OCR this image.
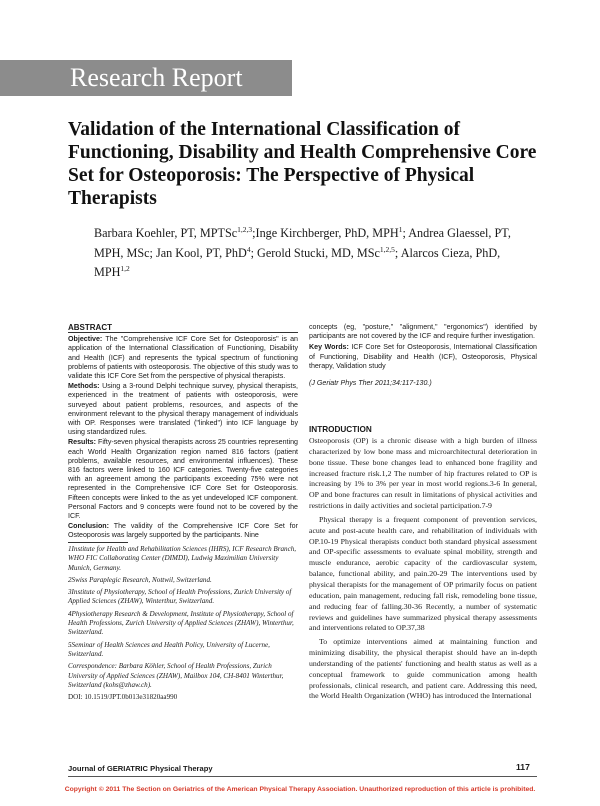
Research Report
Validation of the International Classification of Functioning, Disability and Health Comprehensive Core Set for Osteoporosis: The Perspective of Physical Therapists
Barbara Koehler, PT, MPTSc$^{1,2,3}$;Inge Kirchberger, PhD, MPH$^1$; Andrea Glaessel, PT, MPH, MSc; Jan Kool, PT, PhD$^4$; Gerold Stucki, MD, MSc$^{1,2,5}$; Alarcos Cieza, PhD, MPH$^{1,2}$
ABSTRACT

Objective: The "Comprehensive ICF Core Set for Osteoporosis" is an application of the International Classification of Functioning, Disability and Health (ICF) and represents the typical spectrum of functioning problems of patients with osteoporosis. The objective of this study was to validate this ICF Core Set from the perspective of physical therapists.

Methods: Using a 3-round Delphi technique survey, physical therapists, experienced in the treatment of patients with osteoporosis, were surveyed about patient problems, resources, and aspects of the environment relevant to the physical therapy management of individuals with OP. Responses were translated ("linked") into ICF language by using standardized rules.

Results: Fifty-seven physical therapists across 25 countries representing each World Health Organization region named 816 factors (patient problems, available resources, and environmental influences). These 816 factors were linked to 160 ICF categories. Twenty-five categories with an agreement among the participants exceeding 75% were not represented in the Comprehensive ICF Core Set for Osteoporosis. Fifteen concepts were linked to the as yet undeveloped ICF component. Personal Factors and 9 concepts were found not to be covered by the ICF.

Conclusion: The validity of the Comprehensive ICF Core Set for Osteoporosis was largely supported by the participants. Nine

concepts (eg, "posture," "alignment," "ergonomics") identified by participants are not covered by the ICF and require further investigation.

Key Words: ICF Core Set for Osteoporosis, International Classification of Functioning, Disability and Health (ICF), Osteoporosis, Physical therapy, Validation study

(J Geriatr Phys Ther 2011;34:117-130.)

INTRODUCTION

Osteoporosis (OP) is a chronic disease with a high burden of illness characterized by low bone mass and microarchitectural deterioration in bone tissue. These bone changes lead to enhanced bone fragility and increased fracture risk.1,2 The number of hip fractures related to OP is increasing by 1% to 3% per year in most world regions.3-6 In general, OP and bone fractures can result in limitations of physical activities and restrictions in daily activities and societal participation.7-9

Physical therapy is a frequent component of prevention services, acute and post-acute health care, and rehabilitation of individuals with OP.10-19 Physical therapists conduct both standard physical assessment and OP-specific assessments to evaluate spinal mobility, strength and muscle endurance, aerobic capacity of the cardiovascular system, balance, functional ability, and pain.20-29 The interventions used by physical therapists for the management of OP primarily focus on patient education, pain management, reducing fall risk, remodeling bone tissue, and reducing fear of falling.30-36 Recently, a number of systematic reviews and guidelines have summarized physical therapy assessments and interventions related to OP.37,38

To optimize interventions aimed at maintaining function and minimizing disability, the physical therapist should have an in-depth understanding of the patients' functioning and health status as well as a conceptual framework to guide communication among health professionals, clinical research, and patient care. Addressing this need, the World Health Organization (WHO) has introduced the International

1Institute for Health and Rehabilitation Sciences (IHRS), ICF Research Branch, WHO FIC Collaborating Center (DIMDI), Ludwig Maximilian University Munich, Germany.

2Swiss Paraplegic Research, Nottwil, Switzerland.

3Institute of Physiotherapy, School of Health Professions, Zurich University of Applied Sciences (ZHAW), Winterthur, Switzerland.

4Physiotherapy Research & Development, Institute of Physiotherapy, School of Health Professions, Zurich University of Applied Sciences (ZHAW), Winterthur, Switzerland.

5Seminar of Health Sciences and Health Policy, University of Lucerne, Switzerland.

Correspondence: Barbara Köhler, School of Health Professions, Zurich University of Applied Sciences (ZHAW), Mailbox 104, CH-8401 Winterthur, Switzerland (kohs@zhaw.ch).

DOI: 10.1519/JPT.0b013e31820aa990

Journal of GERIATRIC Physical Therapy	117
Copyright © 2011 The Section on Geriatrics of the American Physical Therapy Association. Unauthorized reproduction of this article is prohibited.
